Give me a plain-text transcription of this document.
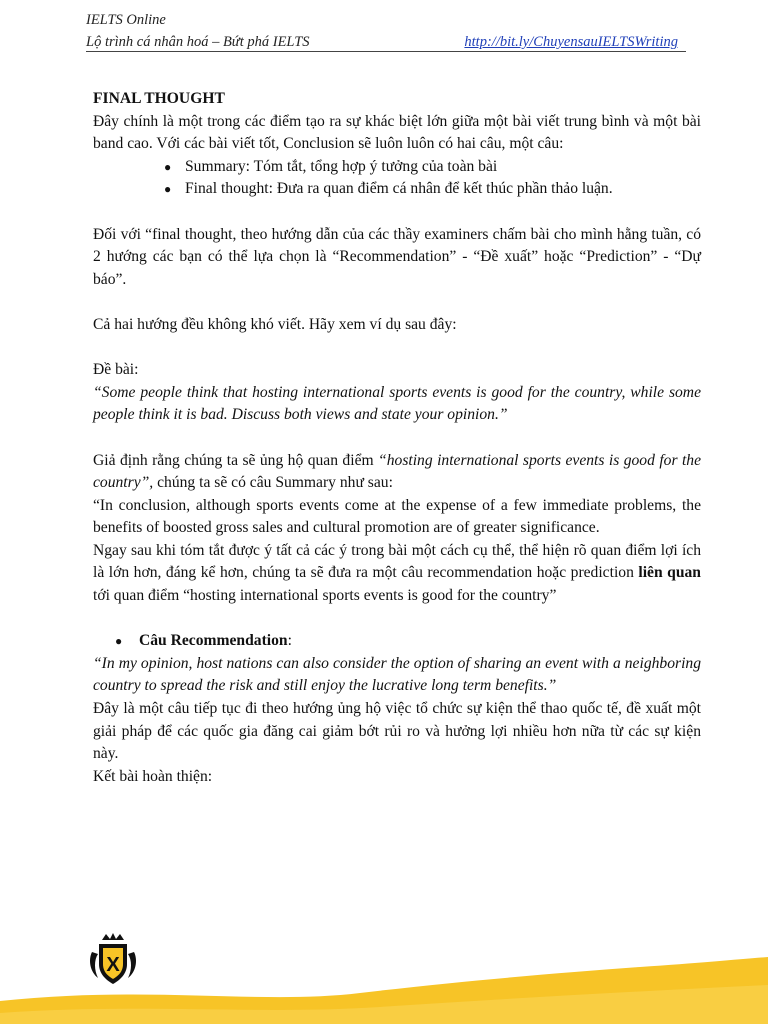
IELTS Online
Lộ trình cá nhân hoá – Bứt phá IELTS	http://bit.ly/ChuyensauIELTSWriting

FINAL THOUGHT

Đây chính là một trong các điểm tạo ra sự khác biệt lớn giữa một bài viết trung bình và một bài band cao. Với các bài viết tốt, Conclusion sẽ luôn luôn có hai câu, một câu:

● Summary: Tóm tắt, tổng hợp ý tưởng của toàn bài
● Final thought: Đưa ra quan điểm cá nhân để kết thúc phần thảo luận.

Đối với “final thought, theo hướng dẫn của các thầy examiners chấm bài cho mình hằng tuần, có 2 hướng các bạn có thể lựa chọn là “Recommendation” - “Đề xuất” hoặc “Prediction” - “Dự báo”.

Cả hai hướng đều không khó viết. Hãy xem ví dụ sau đây:

Đề bài:

“Some people think that hosting international sports events is good for the country, while some people think it is bad. Discuss both views and state your opinion.”

Giả định rằng chúng ta sẽ ủng hộ quan điểm “hosting international sports events is good for the country”, chúng ta sẽ có câu Summary như sau:

“In conclusion, although sports events come at the expense of a few immediate problems, the benefits of boosted gross sales and cultural promotion are of greater significance.

Ngay sau khi tóm tắt được ý tất cả các ý trong bài một cách cụ thể, thể hiện rõ quan điểm lợi ích là lớn hơn, đáng kể hơn, chúng ta sẽ đưa ra một câu recommendation hoặc prediction liên quan tới quan điểm “hosting international sports events is good for the country”

● Câu Recommendation:

“In my opinion, host nations can also consider the option of sharing an event with a neighboring country to spread the risk and still enjoy the lucrative long term benefits.”

Đây là một câu tiếp tục đi theo hướng ủng hộ việc tổ chức sự kiện thể thao quốc tế, đề xuất một giải pháp để các quốc gia đăng cai giảm bớt rủi ro và hưởng lợi nhiều hơn nữa từ các sự kiện này.

Kết bài hoàn thiện:

X
